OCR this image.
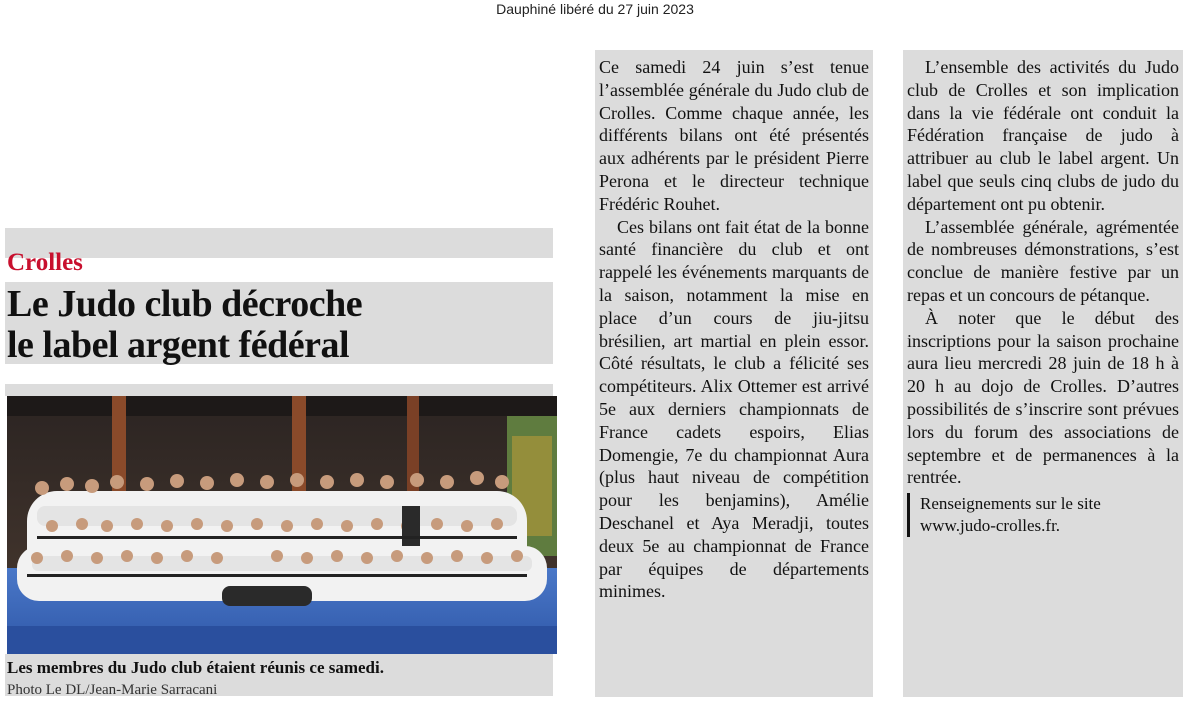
Dauphiné libéré du 27 juin 2023
Crolles
Le Judo club décroche
le label argent fédéral
Les membres du Judo club étaient réunis ce samedi.
Photo Le DL/Jean-Marie Sarracani

Ce samedi 24 juin s’est tenue l’assemblée générale du Judo club de Crolles. Comme chaque année, les différents bilans ont été présentés aux adhérents par le président Pierre Perona et le directeur technique Frédéric Rouhet.

Ces bilans ont fait état de la bonne santé financière du club et ont rappelé les événements marquants de la saison, notamment la mise en place d’un cours de jiu-jitsu brésilien, art martial en plein essor. Côté résultats, le club a félicité ses compétiteurs. Alix Ottemer est arrivé 5e aux derniers championnats de France cadets espoirs, Elias Domengie, 7e du championnat Aura (plus haut niveau de compétition pour les benjamins), Amélie Deschanel et Aya Meradji, toutes deux 5e au championnat de France par équipes de départements minimes.

L’ensemble des activités du Judo club de Crolles et son implication dans la vie fédérale ont conduit la Fédération française de judo à attribuer au club le label argent. Un label que seuls cinq clubs de judo du département ont pu obtenir.

L’assemblée générale, agrémentée de nombreuses démonstrations, s’est conclue de manière festive par un repas et un concours de pétanque.

À noter que le début des inscriptions pour la saison prochaine aura lieu mercredi 28 juin de 18 h à 20 h au dojo de Crolles. D’autres possibilités de s’inscrire sont prévues lors du forum des associations de septembre et de permanences à la rentrée.

Renseignements sur le site
www.judo-crolles.fr.
